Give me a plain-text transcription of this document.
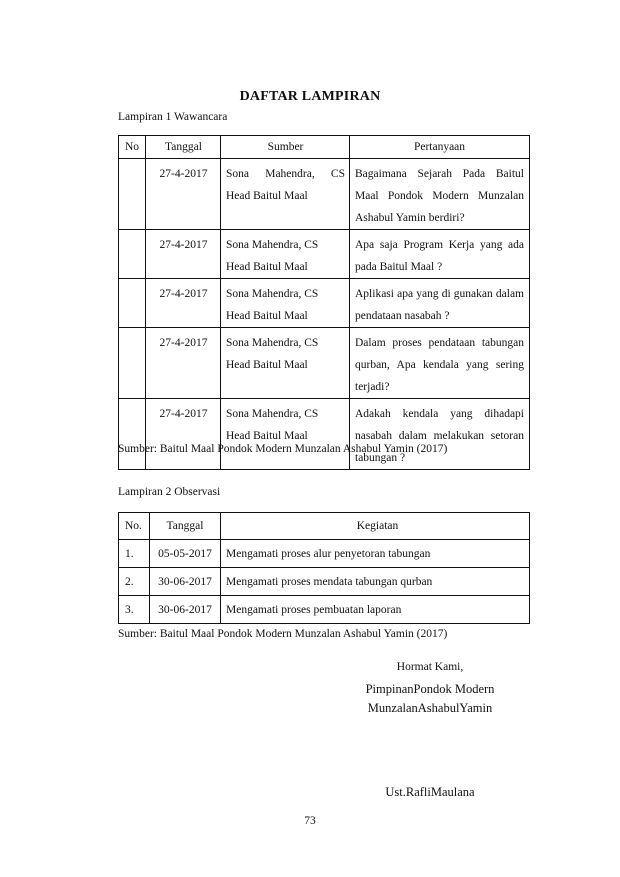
DAFTAR LAMPIRAN
Lampiran 1 Wawancara
No	Tanggal	Sumber	Pertanyaan
	27-4-2017	Sona Mahendra, CS Head Baitul Maal	Bagaimana Sejarah Pada Baitul Maal Pondok Modern Munzalan Ashabul Yamin berdiri?
	27-4-2017	Sona Mahendra, CS Head Baitul Maal	Apa saja Program Kerja yang ada pada Baitul Maal ?
	27-4-2017	Sona Mahendra, CS Head Baitul Maal	Aplikasi apa yang di gunakan dalam pendataan nasabah ?
	27-4-2017	Sona Mahendra, CS Head Baitul Maal	Dalam proses pendataan tabungan qurban, Apa kendala yang sering terjadi?
	27-4-2017	Sona Mahendra, CS Head Baitul Maal	Adakah kendala yang dihadapi nasabah dalam melakukan setoran tabungan ?
Sumber: Baitul Maal Pondok Modern Munzalan Ashabul Yamin (2017)
Lampiran 2 Observasi
No.	Tanggal	Kegiatan
1.	05-05-2017	Mengamati proses alur penyetoran tabungan
2.	30-06-2017	Mengamati proses mendata tabungan qurban
3.	30-06-2017	Mengamati proses pembuatan laporan
Sumber: Baitul Maal Pondok Modern Munzalan Ashabul Yamin (2017)
Hormat Kami,
PimpinanPondok Modern
MunzalanAshabulYamin
Ust.RafliMaulana
73
